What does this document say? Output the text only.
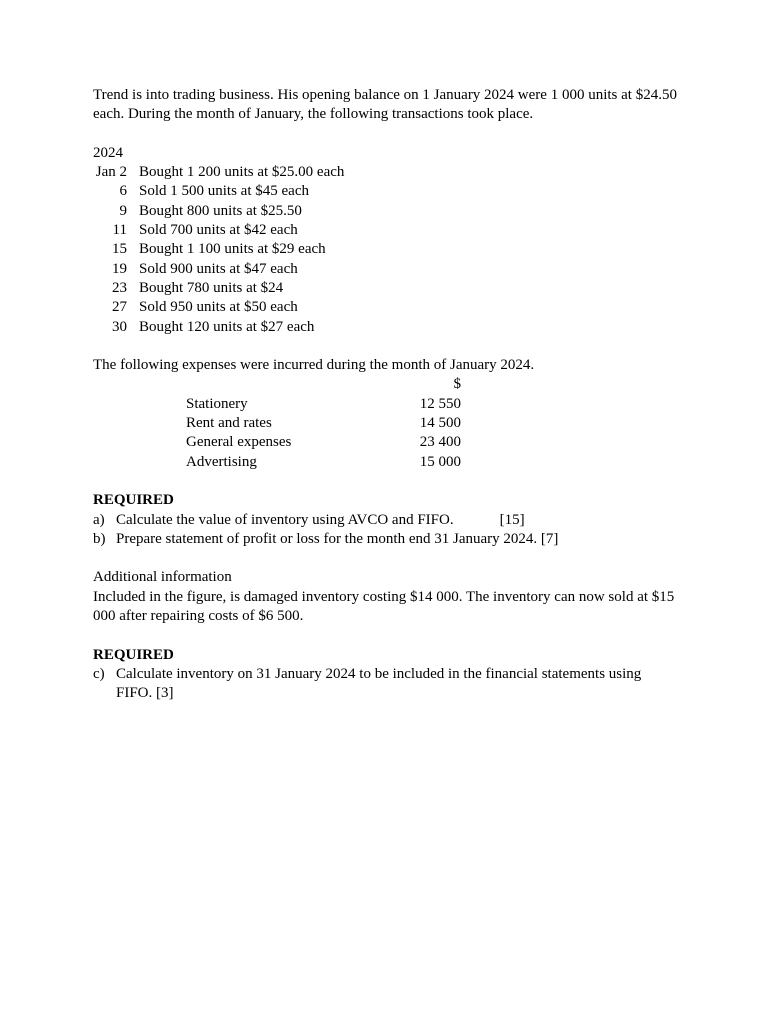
Trend is into trading business. His opening balance on 1 January 2024 were 1 000 units at $24.50 each. During the month of January, the following transactions took place.

2024

Jan 2 Bought 1 200 units at $25.00 each
6 Sold 1 500 units at $45 each
9 Bought 800 units at $25.50
11 Sold 700 units at $42 each
15 Bought 1 100 units at $29 each
19 Sold 900 units at $47 each
23 Bought 780 units at $24
27 Sold 950 units at $50 each
30 Bought 120 units at $27 each

The following expenses were incurred during the month of January 2024.

$
Stationery	12 550
Rent and rates	14 500
General expenses	23 400
Advertising	15 000

REQUIRED

a) Calculate the value of inventory using AVCO and FIFO.	[15]
b) Prepare statement of profit or loss for the month end 31 January 2024. [7]

Additional information

Included in the figure, is damaged inventory costing $14 000. The inventory can now sold at $15 000 after repairing costs of $6 500.

REQUIRED

c) Calculate inventory on 31 January 2024 to be included in the financial statements using FIFO. [3]
